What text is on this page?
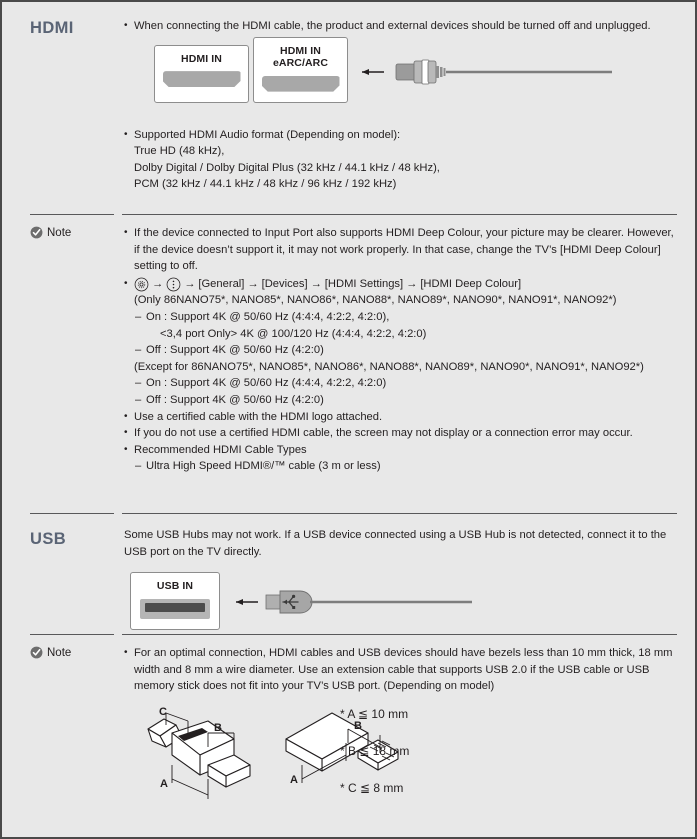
HDMI	• When connecting the HDMI cable, the product and external devices should be turned off and unplugged.
HDMI IN
HDMI IN
eARC/ARC
• Supported HDMI Audio format (Depending on model):
True HD (48 kHz),
Dolby Digital / Dolby Digital Plus (32 kHz / 44.1 kHz / 48 kHz),
PCM (32 kHz / 44.1 kHz / 48 kHz / 96 kHz / 192 kHz)
Note	• If the device connected to Input Port also supports HDMI Deep Colour, your picture may be clearer. However, if the device doesn’t support it, it may not work properly. In that case, change the TV’s [HDMI Deep Colour] setting to off.
• → → [General] → [Devices] → [HDMI Settings] → [HDMI Deep Colour]
(Only 86NANO75*, NANO85*, NANO86*, NANO88*, NANO89*, NANO90*, NANO91*, NANO92*)
– On : Support 4K @ 50/60 Hz (4:4:4, 4:2:2, 4:2:0),
<3,4 port Only> 4K @ 100/120 Hz (4:4:4, 4:2:2, 4:2:0)
– Off : Support 4K @ 50/60 Hz (4:2:0)
(Except for 86NANO75*, NANO85*, NANO86*, NANO88*, NANO89*, NANO90*, NANO91*, NANO92*)
– On : Support 4K @ 50/60 Hz (4:4:4, 4:2:2, 4:2:0)
– Off : Support 4K @ 50/60 Hz (4:2:0)
• Use a certified cable with the HDMI logo attached.
• If you do not use a certified HDMI cable, the screen may not display or a connection error may occur.
• Recommended HDMI Cable Types
– Ultra High Speed HDMI®/™ cable (3 m or less)
USB	Some USB Hubs may not work. If a USB device connected using a USB Hub is not detected, connect it to the USB port on the TV directly.
USB IN
Note	• For an optimal connection, HDMI cables and USB devices should have bezels less than 10 mm thick, 18 mm width and 8 mm a wire diameter. Use an extension cable that supports USB 2.0 if the USB cable or USB memory stick does not fit into your TV’s USB port. (Depending on model)
C
B
A
B
A
* A ≦ 10 mm
* B ≦ 18 mm
* C ≦ 8 mm
